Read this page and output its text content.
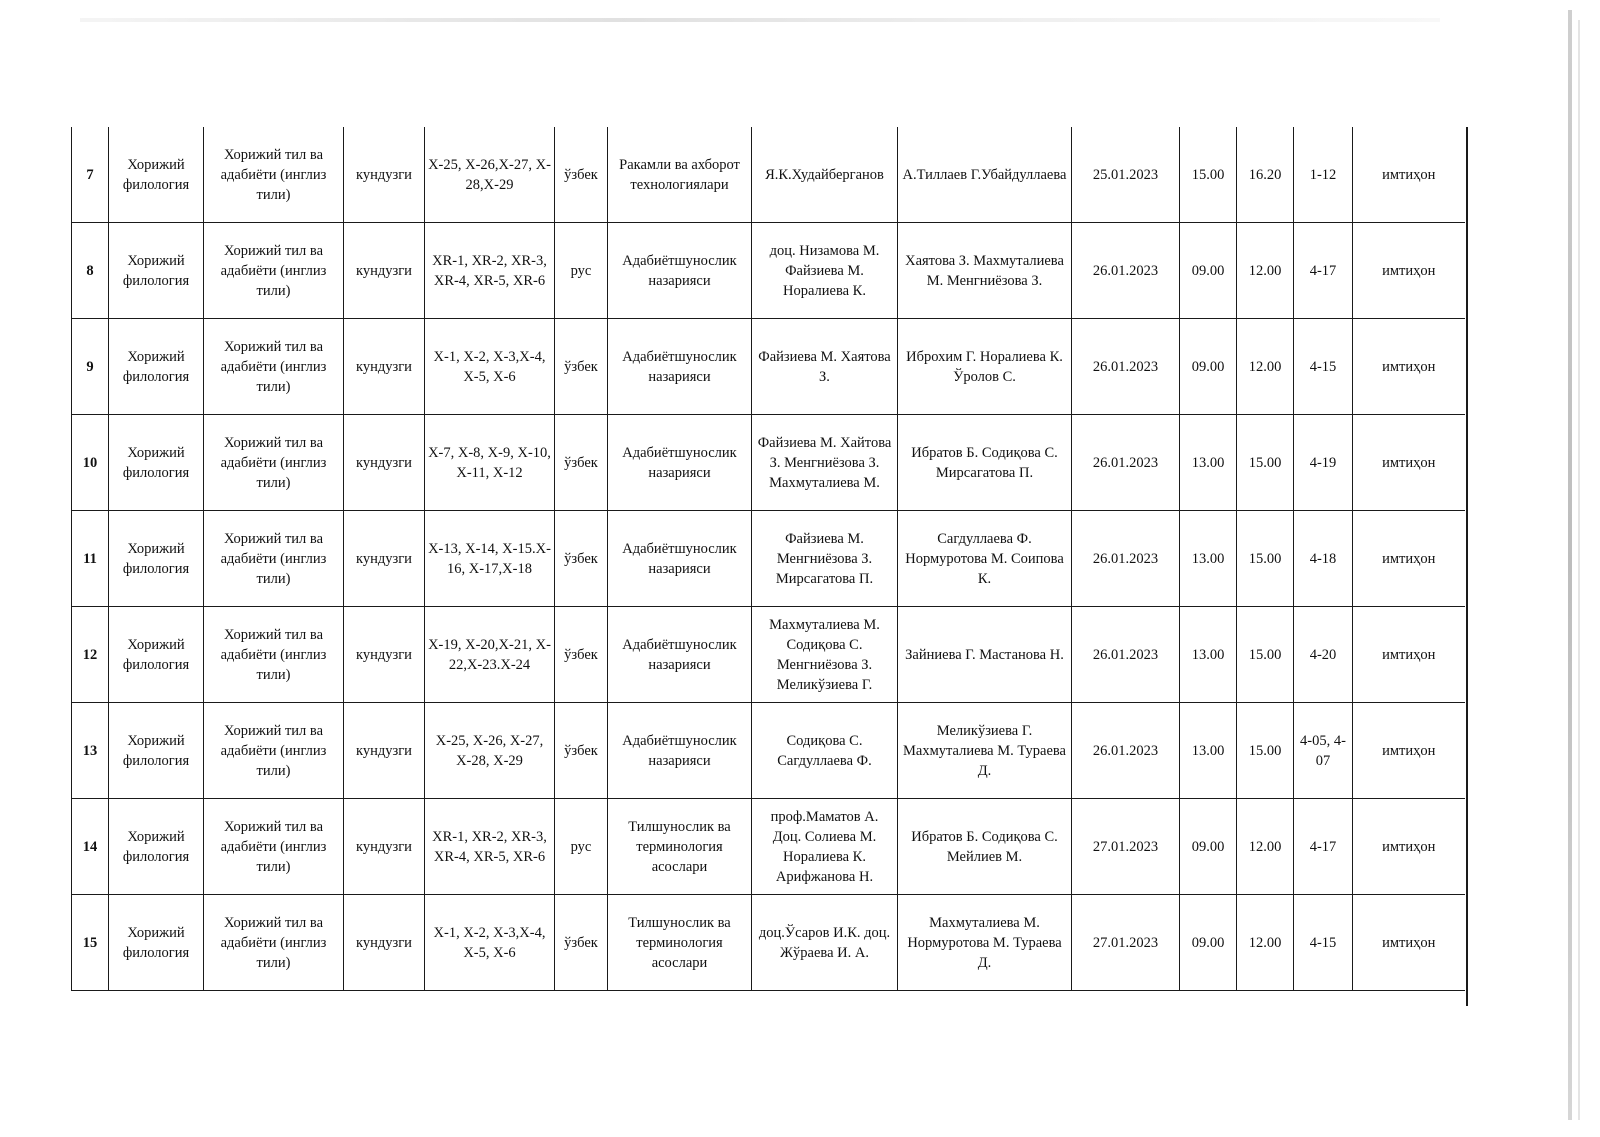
7	Хорижий филология	Хорижий тил ва адабиёти (инглиз тили)	кундузги	X-25, X-26,X-27, X-28,X-29	ўзбек	Ракамли ва ахборот технологиялари	Я.К.Худайберганов	А.Тиллаев Г.Убайдуллаева	25.01.2023	15.00	16.20	1-12	имтиҳон
8	Хорижий филология	Хорижий тил ва адабиёти (инглиз тили)	кундузги	XR-1, XR-2, XR-3, XR-4, XR-5, XR-6	рус	Адабиётшунослик назарияси	доц. Низамова М. Файзиева М. Норалиева К.	Хаятова З. Махмуталиева М. Менгниёзова З.	26.01.2023	09.00	12.00	4-17	имтиҳон
9	Хорижий филология	Хорижий тил ва адабиёти (инглиз тили)	кундузги	X-1, X-2, X-3,X-4, X-5, X-6	ўзбек	Адабиётшунослик назарияси	Файзиева М. Хаятова З.	Иброхим Г. Норалиева К. Ўролов С.	26.01.2023	09.00	12.00	4-15	имтиҳон
10	Хорижий филология	Хорижий тил ва адабиёти (инглиз тили)	кундузги	X-7, X-8, X-9, X-10, X-11, X-12	ўзбек	Адабиётшунослик назарияси	Файзиева М. Хайтова З. Менгниёзова З. Махмуталиева М.	Ибратов Б. Содиқова С. Мирсагатова П.	26.01.2023	13.00	15.00	4-19	имтиҳон
11	Хорижий филология	Хорижий тил ва адабиёти (инглиз тили)	кундузги	X-13, X-14, X-15.X-16, X-17,X-18	ўзбек	Адабиётшунослик назарияси	Файзиева М. Менгниёзова З. Мирсагатова П.	Сагдуллаева Ф. Нормуротова М. Соипова К.	26.01.2023	13.00	15.00	4-18	имтиҳон
12	Хорижий филология	Хорижий тил ва адабиёти (инглиз тили)	кундузги	X-19, X-20,X-21, X-22,X-23.X-24	ўзбек	Адабиётшунослик назарияси	Махмуталиева М. Содиқова С. Менгниёзова З. Меликўзиева Г.	Зайниева Г. Мастанова Н.	26.01.2023	13.00	15.00	4-20	имтиҳон
13	Хорижий филология	Хорижий тил ва адабиёти (инглиз тили)	кундузги	X-25, X-26, X-27, X-28, X-29	ўзбек	Адабиётшунослик назарияси	Содиқова С. Сагдуллаева Ф.	Меликўзиева Г. Махмуталиева М. Тураева Д.	26.01.2023	13.00	15.00	4-05, 4-07	имтиҳон
14	Хорижий филология	Хорижий тил ва адабиёти (инглиз тили)	кундузги	XR-1, XR-2, XR-3, XR-4, XR-5, XR-6	рус	Тилшунослик ва терминология асослари	проф.Маматов А. Доц. Солиева М. Норалиева К. Арифжанова Н.	Ибратов Б. Содиқова С. Мейлиев М.	27.01.2023	09.00	12.00	4-17	имтиҳон
15	Хорижий филология	Хорижий тил ва адабиёти (инглиз тили)	кундузги	X-1, X-2, X-3,X-4, X-5, X-6	ўзбек	Тилшунослик ва терминология асослари	доц.Ўсаров И.К. доц. Жўраева И. А.	Махмуталиева М. Нормуротова М. Тураева Д.	27.01.2023	09.00	12.00	4-15	имтиҳон
